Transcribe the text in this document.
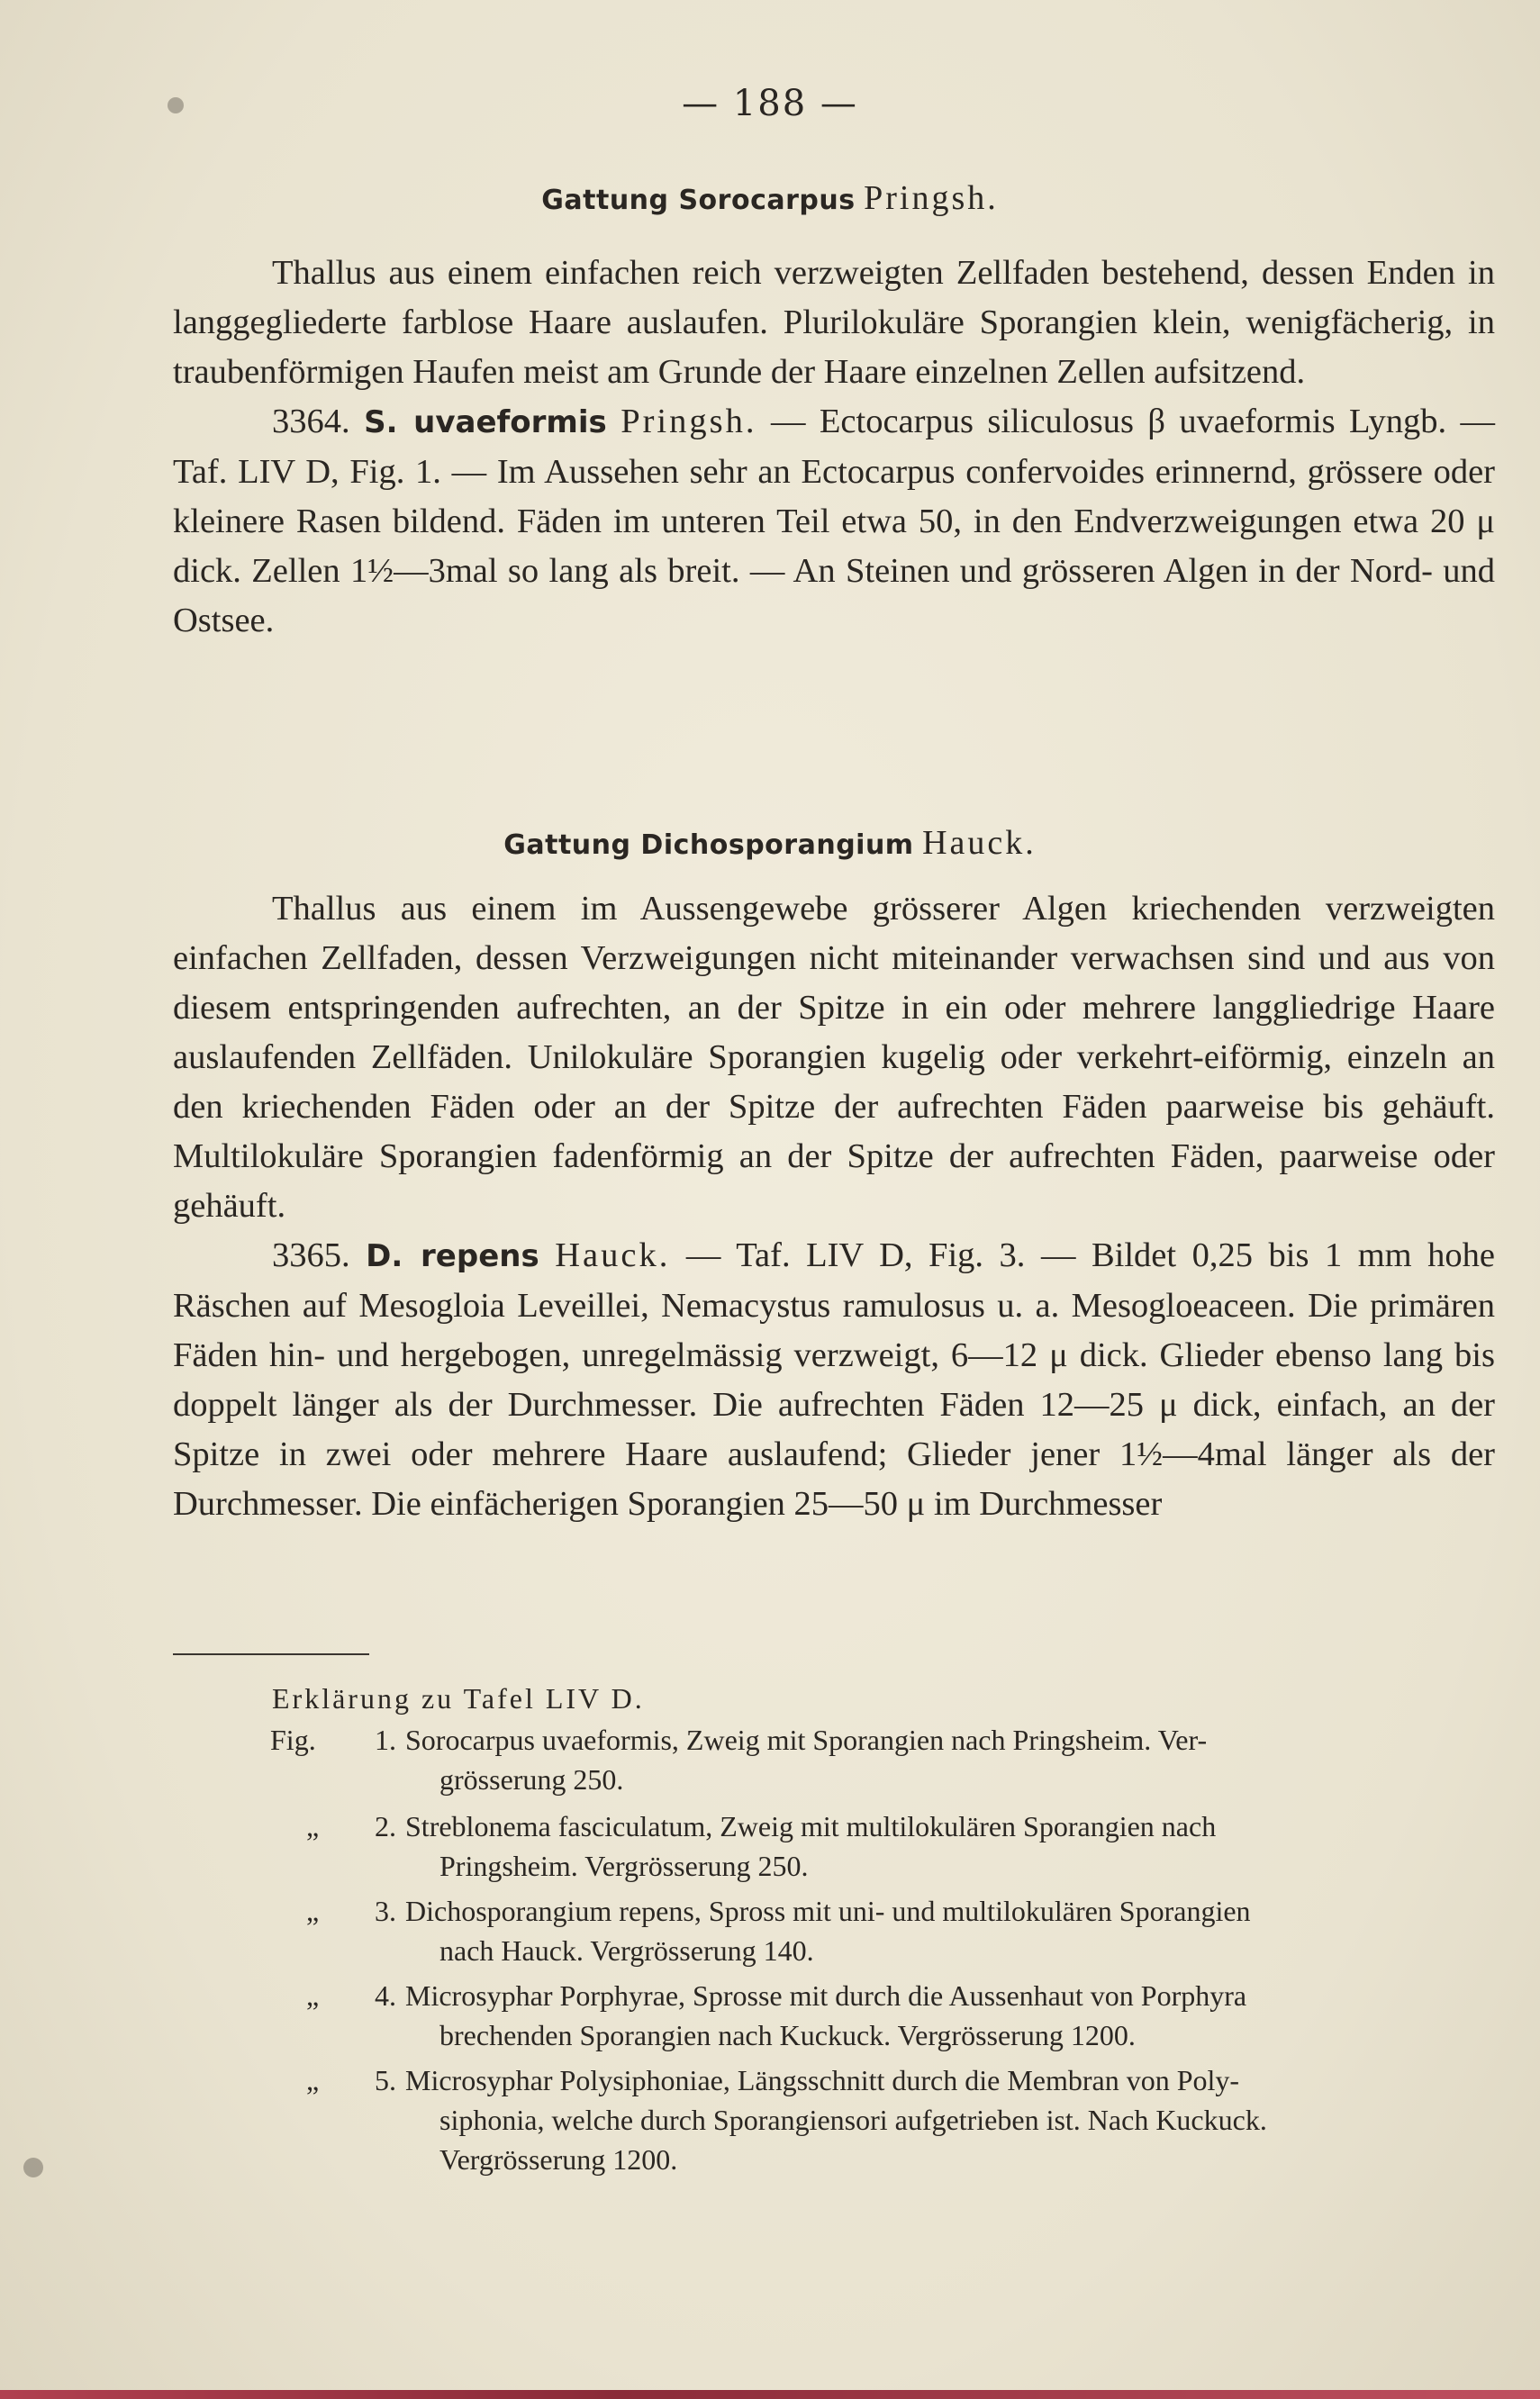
— 188 —
Gattung Sorocarpus Pringsh.

Thallus aus einem einfachen reich verzweigten Zellfaden bestehend, dessen Enden in langgegliederte farblose Haare auslaufen. Plurilokuläre Sporangien klein, wenigfächerig, in traubenförmigen Haufen meist am Grunde der Haare einzelnen Zellen aufsitzend.

3364. S. uvaeformis Pringsh. — Ectocarpus siliculosus β uvaeformis Lyngb. — Taf. LIV D, Fig. 1. — Im Aussehen sehr an Ectocarpus confervoides erinnernd, grössere oder kleinere Rasen bildend. Fäden im unteren Teil etwa 50, in den Endverzweigungen etwa 20 μ dick. Zellen 1½—3mal so lang als breit. — An Steinen und grösseren Algen in der Nord- und Ostsee.

Gattung Dichosporangium Hauck.

Thallus aus einem im Aussengewebe grösserer Algen kriechenden verzweigten einfachen Zellfaden, dessen Verzweigungen nicht miteinander verwachsen sind und aus von diesem entspringenden aufrechten, an der Spitze in ein oder mehrere langgliedrige Haare auslaufenden Zellfäden. Unilokuläre Sporangien kugelig oder verkehrt-eiförmig, einzeln an den kriechenden Fäden oder an der Spitze der aufrechten Fäden paarweise bis gehäuft. Multilokuläre Sporangien fadenförmig an der Spitze der aufrechten Fäden, paarweise oder gehäuft.

3365. D. repens Hauck. — Taf. LIV D, Fig. 3. — Bildet 0,25 bis 1 mm hohe Räschen auf Mesogloia Leveillei, Nemacystus ramulosus u. a. Mesogloeaceen. Die primären Fäden hin- und hergebogen, unregelmässig verzweigt, 6—12 μ dick. Glieder ebenso lang bis doppelt länger als der Durchmesser. Die aufrechten Fäden 12—25 μ dick, einfach, an der Spitze in zwei oder mehrere Haare auslaufend; Glieder jener 1½—4mal länger als der Durchmesser. Die einfächerigen Sporangien 25—50 μ im Durchmesser

Erklärung zu Tafel LIV D.
Fig. 1. Sorocarpus uvaeformis, Zweig mit Sporangien nach Pringsheim. Ver-
grösserung 250.
„ 2. Streblonema fasciculatum, Zweig mit multilokulären Sporangien nach
Pringsheim. Vergrösserung 250.
„ 3. Dichosporangium repens, Spross mit uni- und multilokulären Sporangien
nach Hauck. Vergrösserung 140.
„ 4. Microsyphar Porphyrae, Sprosse mit durch die Aussenhaut von Porphyra
brechenden Sporangien nach Kuckuck. Vergrösserung 1200.
„ 5. Microsyphar Polysiphoniae, Längsschnitt durch die Membran von Poly-
siphonia, welche durch Sporangiensori aufgetrieben ist. Nach Kuckuck.
Vergrösserung 1200.
